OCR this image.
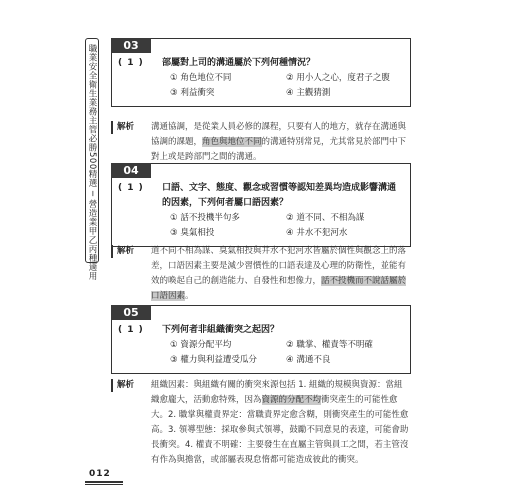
職業安全衛生業務主管必勝500精選 ─ 營造業甲乙丙種適用	03
( 1 )	部屬對上司的溝通屬於下列何種情況？
① 角色地位不同	② 用小人之心，度君子之腹
③ 利益衝突	④ 主觀猜測
解析	溝通協調，是從業人員必修的課程，只要有人的地方，就存在溝通與協調的課題，角色與地位不同的溝通特別常見，尤其常見於部門中下對上或是跨部門之間的溝通。
04
( 1 )	口語、文字、態度、觀念或習慣等認知差異均造成影響溝通的因素，下列何者屬口語因素？
① 話不投機半句多	② 道不同、不相為謀
③ 臭氣相投	④ 井水不犯河水
解析	道不同不相為謀、臭氣相投與井水不犯河水皆屬於個性與觀念上的落差，口語因素主要是減少習慣性的口語表達及心理的防衛性，並能有效的喚起自己的創造能力、自發性和想像力，話不投機而不說話屬於口語因素。
05
( 1 )	下列何者非組織衝突之起因？
① 資源分配平均	② 職掌、權責等不明確
③ 權力與利益遭受瓜分	④ 溝通不良
解析	組織因素：與組織有關的衝突來源包括 1. 組織的規模與資源：當組織愈龐大，活動愈特殊，因為資源的分配不均衝突產生的可能性愈大。2. 職掌與權責界定：當職責界定愈含糊，則衝突產生的可能性愈高。3. 領導型態：採取參與式領導，鼓勵不同意見的表達，可能會助長衝突。4. 權責不明確：主要發生在直屬主管與員工之間，若主管沒有作為與擔當，或部屬表現怠惰都可能造成彼此的衝突。
012
